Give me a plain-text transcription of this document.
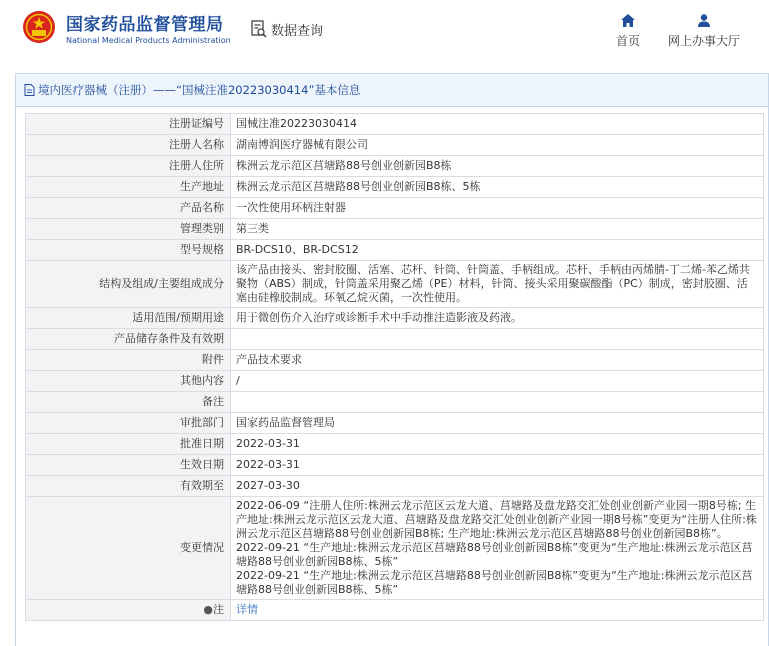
国家药品监督管理局
National Medical Products Administration
数据查询
首页	网上办事大厅
境内医疗器械（注册）——“国械注准20223030414”基本信息
注册证编号	国械注准20223030414
注册人名称	湖南博润医疗器械有限公司
注册人住所	株洲云龙示范区莒塘路88号创业创新园B8栋
生产地址	株洲云龙示范区莒塘路88号创业创新园B8栋、5栋
产品名称	一次性使用环柄注射器
管理类别	第三类
型号规格	BR-DCS10、BR-DCS12
结构及组成/主要组成成分	该产品由接头、密封胶圈、活塞、芯杆、针筒、针筒盖、手柄组成。芯杆、手柄由丙烯腈-丁二烯-苯乙烯共聚物（ABS）制成，针筒盖采用聚乙烯（PE）材料，针筒、接头采用聚碳酸酯（PC）制成，密封胶圈、活塞由硅橡胶制成。环氧乙烷灭菌，一次性使用。
适用范围/预期用途	用于微创伤介入治疗或诊断手术中手动推注造影液及药液。
产品储存条件及有效期	
附件	产品技术要求
其他内容	/
备注	
审批部门	国家药品监督管理局
批准日期	2022-03-31
生效日期	2022-03-31
有效期至	2027-03-30
变更情况	2022-06-09 “注册人住所:株洲云龙示范区云龙大道、莒塘路及盘龙路交汇处创业创新产业园一期8号栋; 生产地址:株洲云龙示范区云龙大道、莒塘路及盘龙路交汇处创业创新产业园一期8号栋”变更为“注册人住所:株洲云龙示范区莒塘路88号创业创新园B8栋; 生产地址:株洲云龙示范区莒塘路88号创业创新园B8栋”。
2022-09-21 “生产地址:株洲云龙示范区莒塘路88号创业创新园B8栋”变更为“生产地址:株洲云龙示范区莒塘路88号创业创新园B8栋、5栋”
2022-09-21 “生产地址:株洲云龙示范区莒塘路88号创业创新园B8栋”变更为“生产地址:株洲云龙示范区莒塘路88号创业创新园B8栋、5栋”

●注	详情
